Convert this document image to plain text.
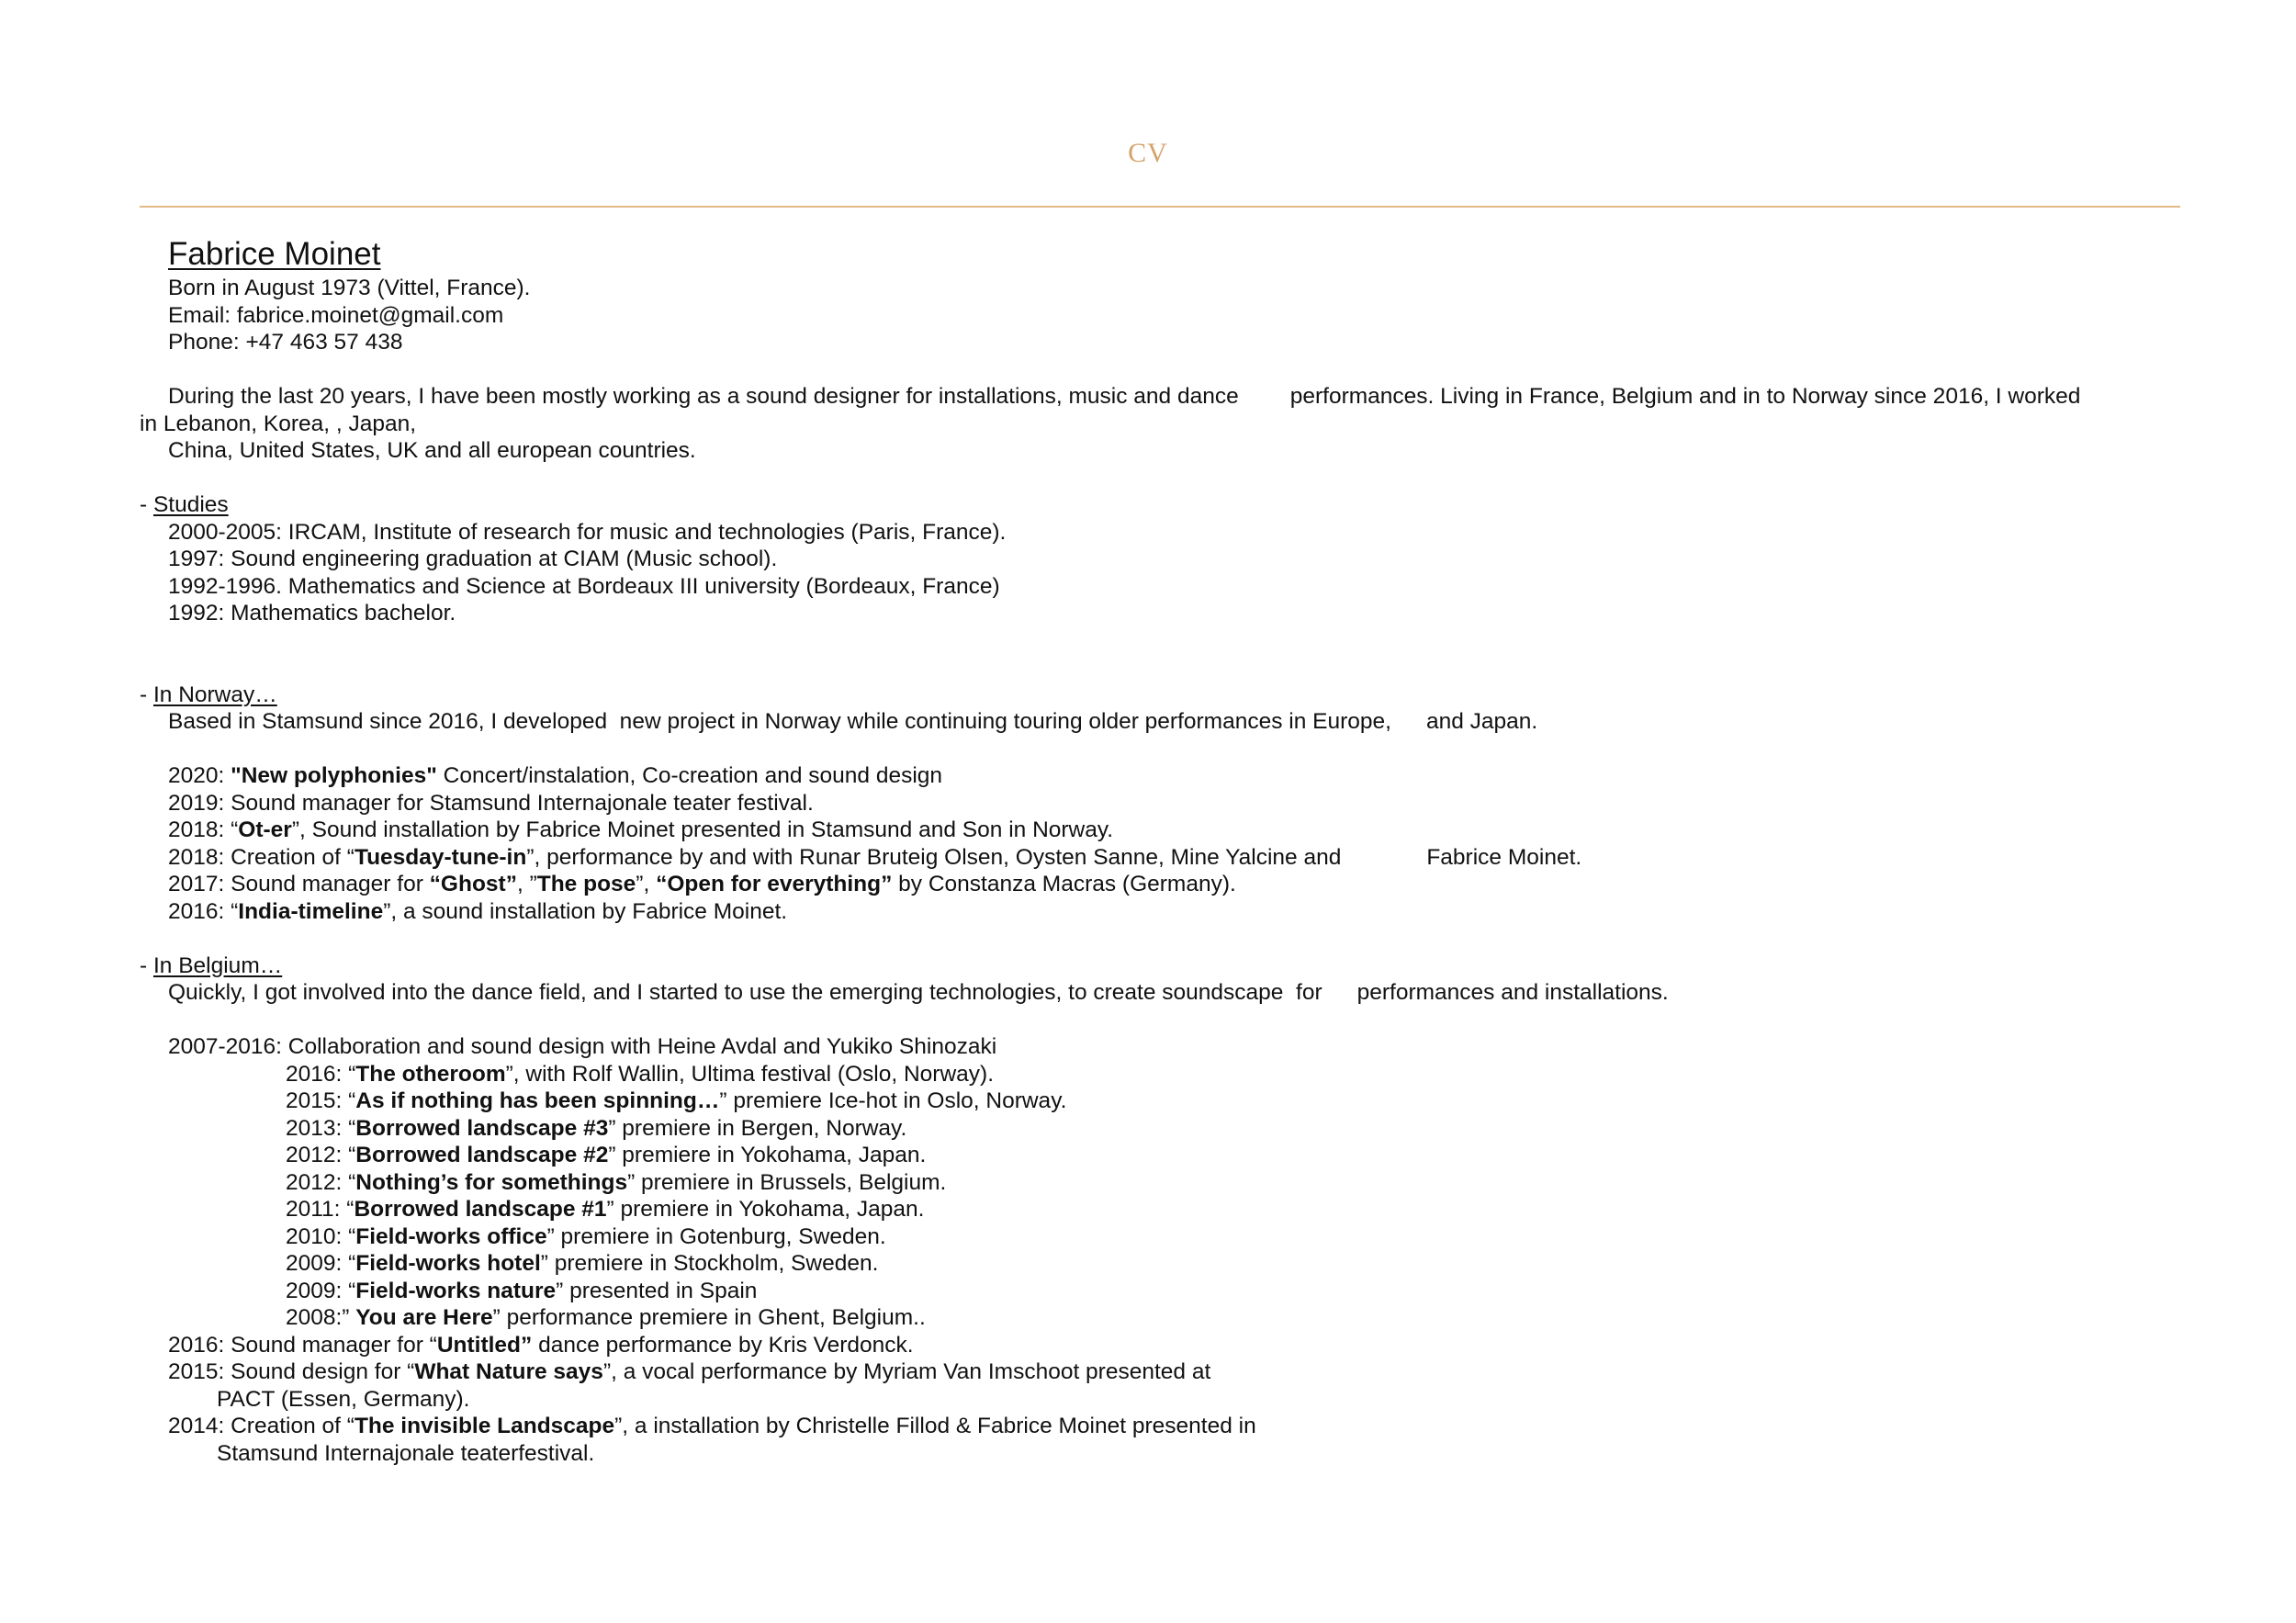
CV
Fabrice Moinet
Born in August 1973 (Vittel, France).
Email: fabrice.moinet@gmail.com
Phone: +47 463 57 438
During the last 20 years, I have been mostly working as a sound designer for installations, music and dance performances. Living in France, Belgium and in to Norway since 2016, I worked
in Lebanon, Korea, , Japan,
China, United States, UK and all european countries.
- Studies
2000-2005: IRCAM, Institute of research for music and technologies (Paris, France).
1997: Sound engineering graduation at CIAM (Music school).
1992-1996. Mathematics and Science at Bordeaux III university (Bordeaux, France)
1992: Mathematics bachelor.
- In Norway…
Based in Stamsund since 2016, I developed  new project in Norway while continuing touring older performances in Europe, and Japan.
2020: "New polyphonies" Concert/instalation, Co-creation and sound design
2019: Sound manager for Stamsund Internajonale teater festival.
2018: “Ot-er”, Sound installation by Fabrice Moinet presented in Stamsund and Son in Norway.
2018: Creation of “Tuesday-tune-in”, performance by and with Runar Bruteig Olsen, Oysten Sanne, Mine Yalcine and	Fabrice Moinet.
2017: Sound manager for “Ghost”, ”The pose”, “Open for everything” by Constanza Macras (Germany).
2016: “India-timeline”, a sound installation by Fabrice Moinet.
- In Belgium…
Quickly, I got involved into the dance field, and I started to use the emerging technologies, to create soundscape  for performances and installations.
2007-2016: Collaboration and sound design with Heine Avdal and Yukiko Shinozaki
2016: “The otheroom”, with Rolf Wallin, Ultima festival (Oslo, Norway).
2015: “As if nothing has been spinning…” premiere Ice-hot in Oslo, Norway.
2013: “Borrowed landscape #3” premiere in Bergen, Norway.
2012: “Borrowed landscape #2” premiere in Yokohama, Japan.
2012: “Nothing’s for somethings” premiere in Brussels, Belgium.
2011: “Borrowed landscape #1” premiere in Yokohama, Japan.
2010: “Field-works office” premiere in Gotenburg, Sweden.
2009: “Field-works hotel” premiere in Stockholm, Sweden.
2009: “Field-works nature” presented in Spain
2008:” You are Here” performance premiere in Ghent, Belgium..
2016: Sound manager for “Untitled” dance performance by Kris Verdonck.
2015: Sound design for “What Nature says”, a vocal performance by Myriam Van Imschoot presented at
PACT (Essen, Germany).
2014: Creation of “The invisible Landscape”, a installation by Christelle Fillod & Fabrice Moinet presented in
Stamsund Internajonale teaterfestival.
